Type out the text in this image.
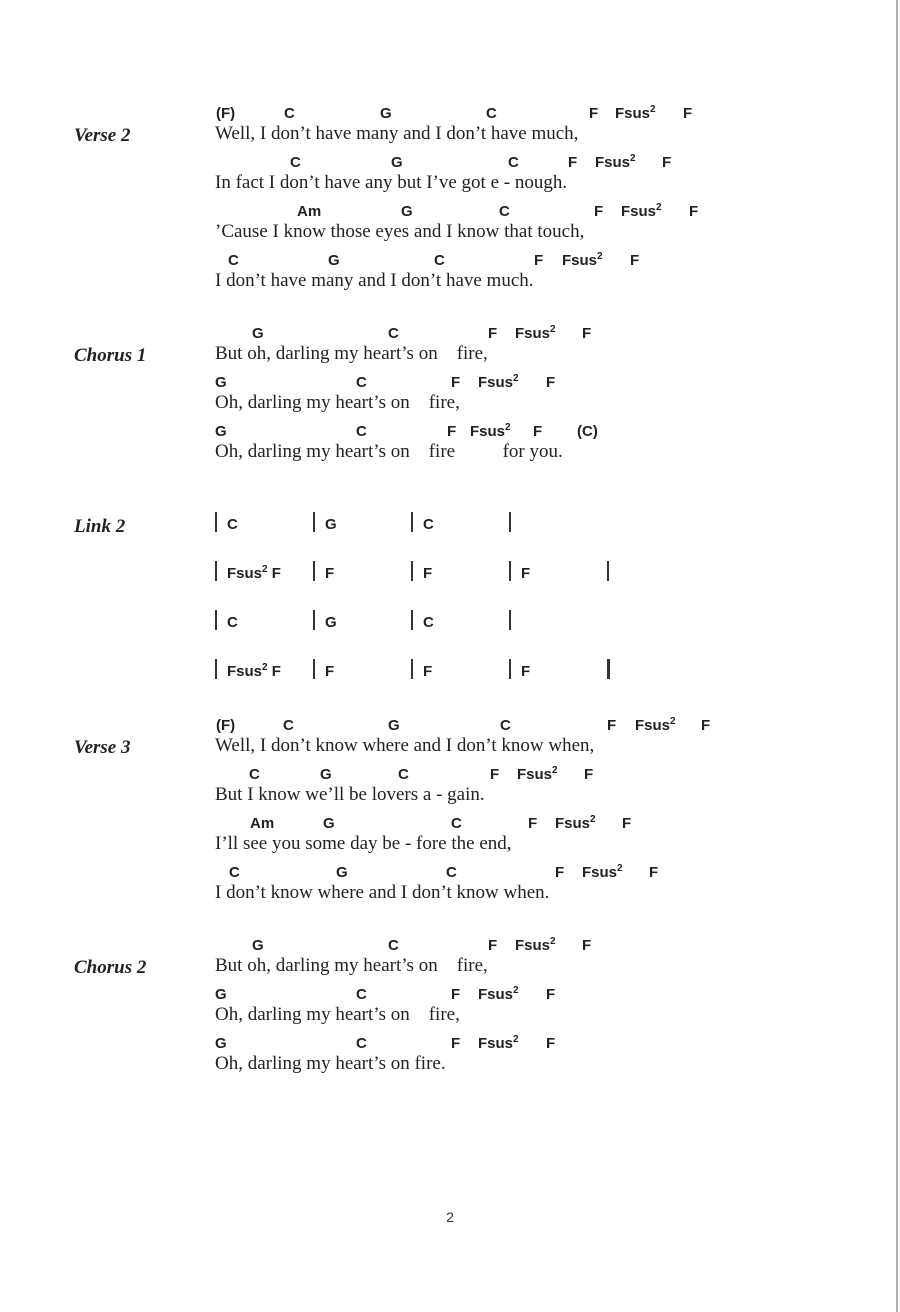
Verse 2
(F)	C	G	C	F Fsus$^2$ F
Well, I don’t have many and I don’t have much,
C	G	C	F Fsus$^2$ F
In fact I don’t have any but I’ve got e - nough.
Am	G	C	F Fsus$^2$ F
’Cause I know those eyes and I know that touch,
C	G	C	F Fsus$^2$ F
I don’t have many and I don’t have much.
Chorus 1
G	C	F Fsus$^2$ F
But oh, darling my heart’s on    fire,
G	C	F Fsus$^2$ F
Oh, darling my heart’s on    fire,
G	C	F Fsus$^2$ F (C)
Oh, darling my heart’s on    fire          for you.
Verse 3
(F)	C	G	C	F Fsus$^2$ F
Well, I don’t know where and I don’t know when,
C	G	C	F Fsus$^2$ F
But I know we’ll be lovers a - gain.
Am	G	C	F Fsus$^2$ F
I’ll see you some day be - fore the end,
C	G	C	F Fsus$^2$ F
I don’t know where and I don’t know when.
Chorus 2
G	C	F Fsus$^2$ F
But oh, darling my heart’s on    fire,
G	C	F Fsus$^2$ F
Oh, darling my heart’s on    fire,
G	C	F Fsus$^2$ F
Oh, darling my heart’s on fire.
Link 2	C	G	C
Fsus$^2$ F	F	F	F
C	G	C
Fsus$^2$ F	F	F	F
2
